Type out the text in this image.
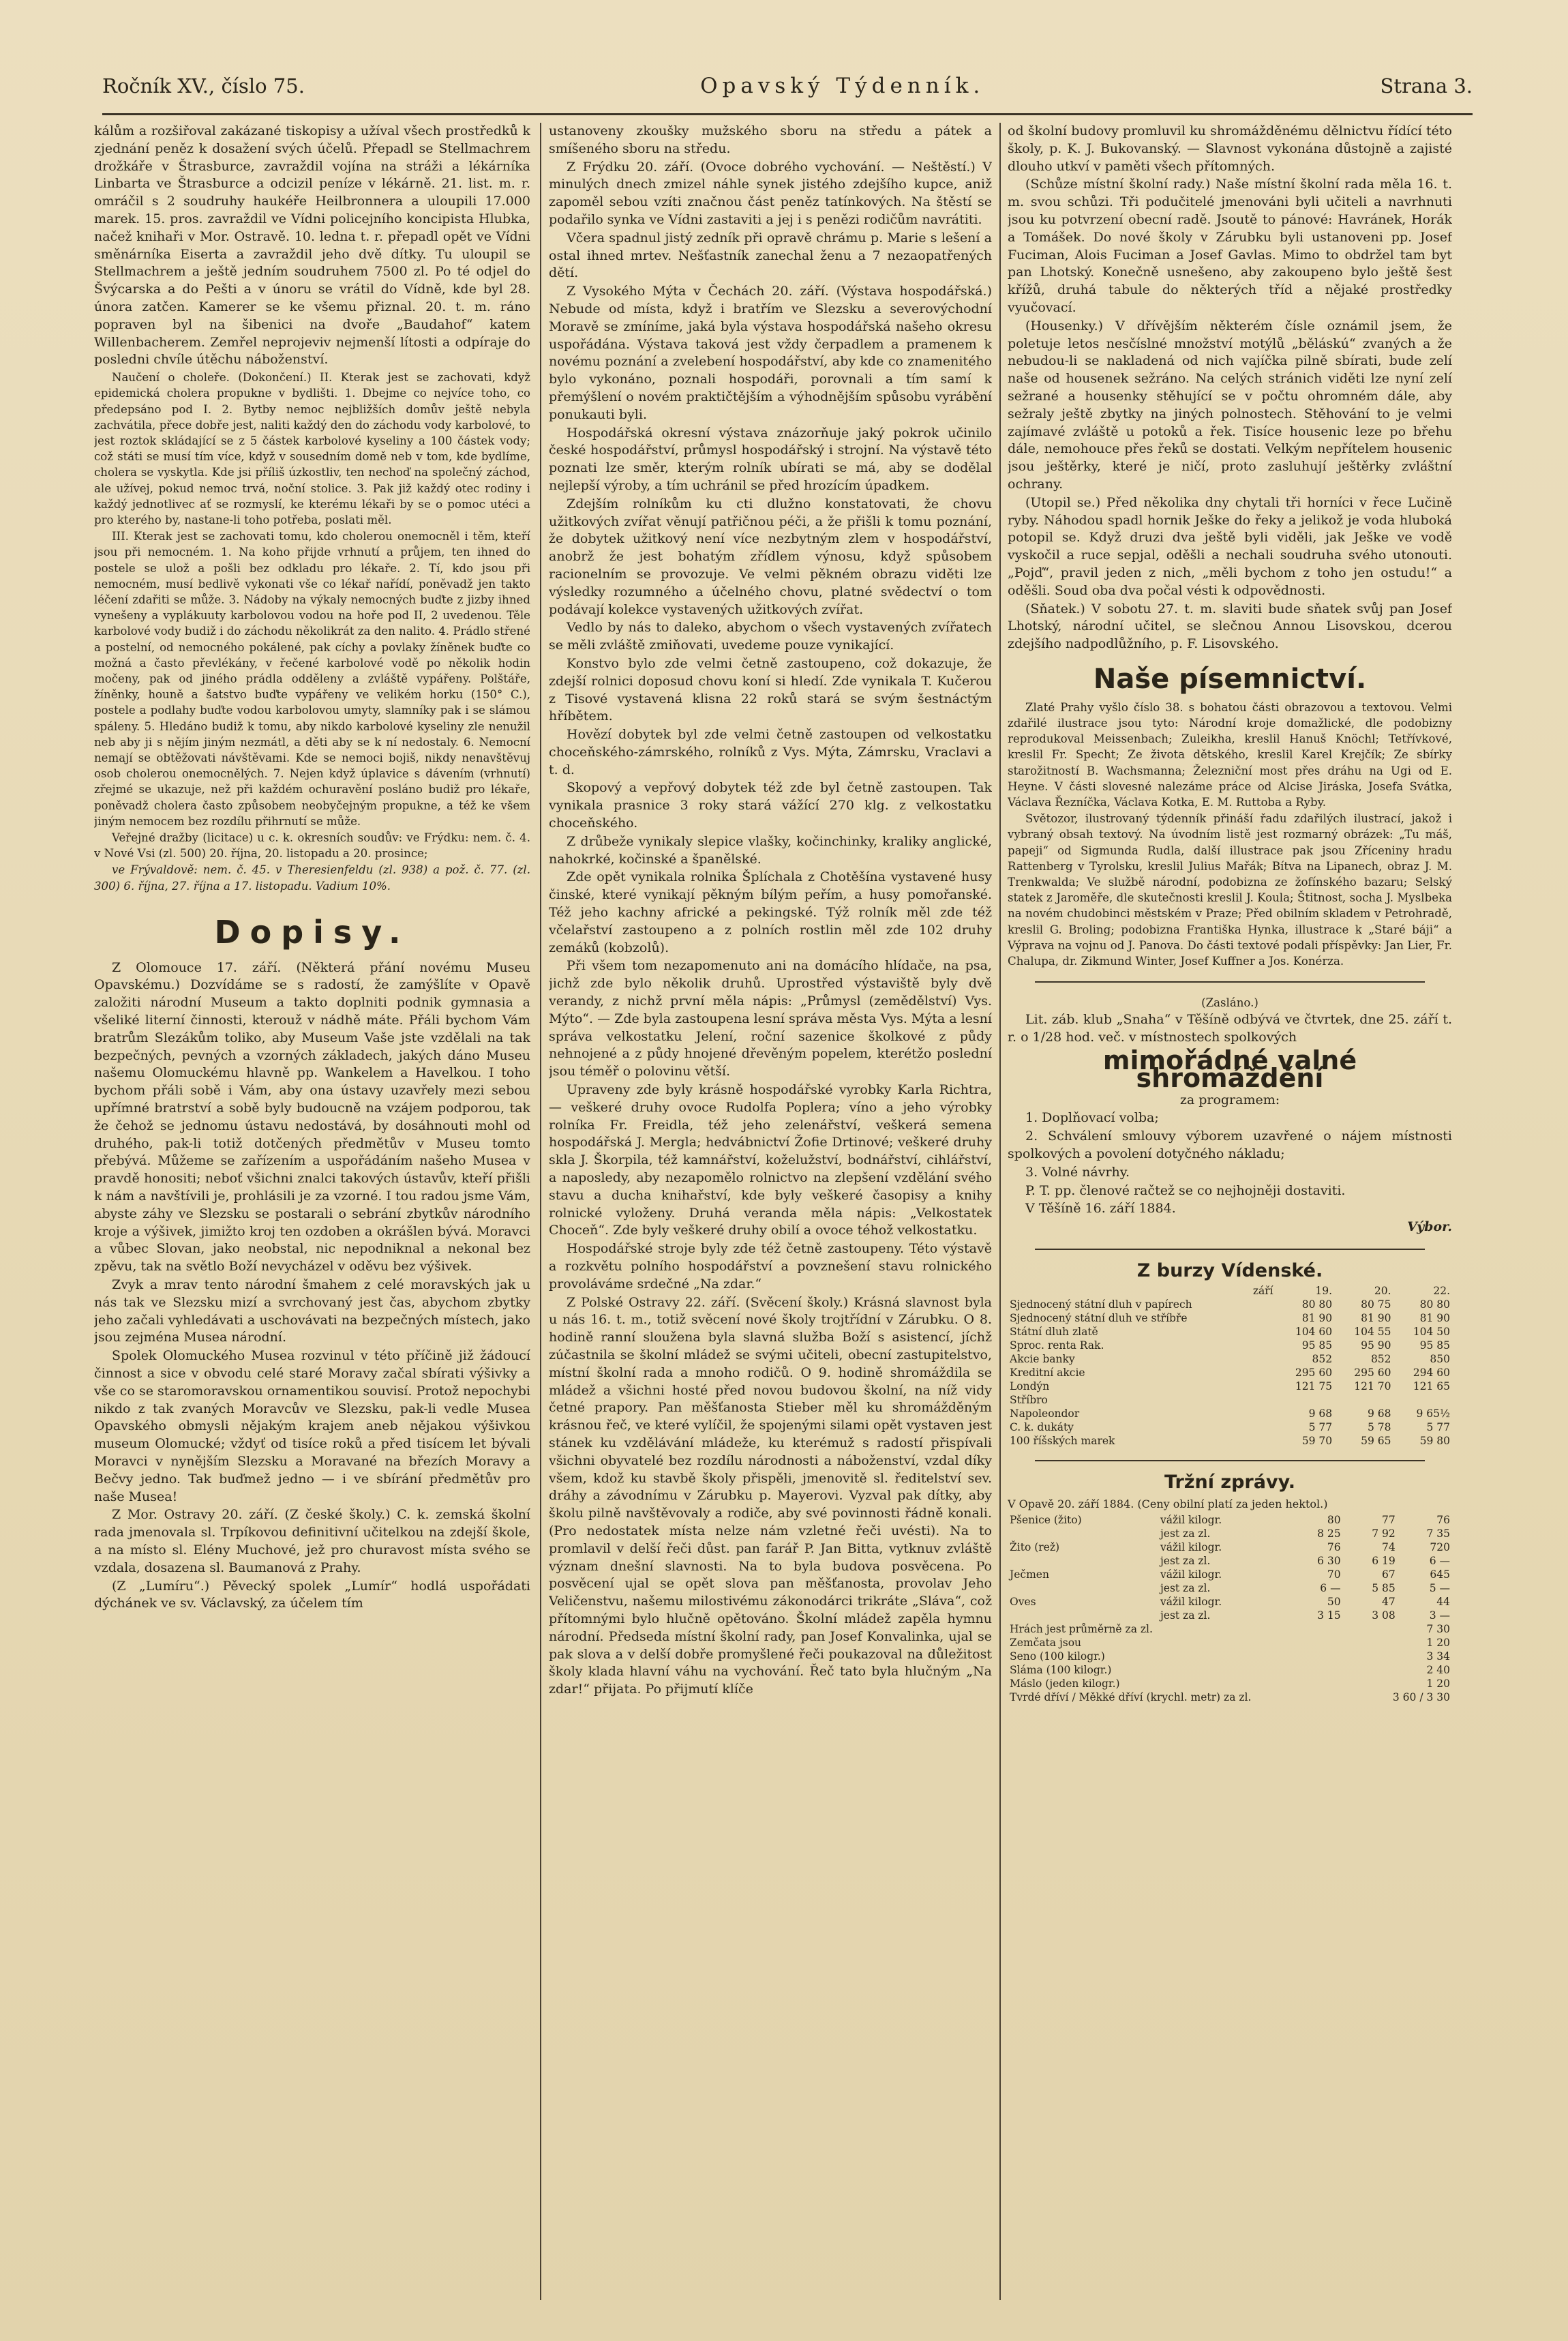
Ročník XV., číslo 75.	Opavský Týdenník.	Strana 3.

kálům a rozšiřoval zakázané tiskopisy a užíval všech prostředků k zjednání peněz k dosažení svých účelů. Přepadl se Stellmachrem drožkáře v Štrasburce, zavraždil vojína na stráži a lékárníka Linbarta ve Štrasburce a odcizil peníze v lékárně. 21. list. m. r. omráčil s 2 soudruhy haukéře Heilbronnera a uloupili 17.000 marek. 15. pros. zavraždil ve Vídni policejního koncipista Hlubka, načež knihaři v Mor. Ostravě. 10. ledna t. r. přepadl opět ve Vídni směnárníka Eiserta a zavraždil jeho dvě dítky. Tu uloupil se Stellmachrem a ještě jedním soudruhem 7500 zl. Po té odjel do Švýcarska a do Pešti a v únoru se vrátil do Vídně, kde byl 28. února zatčen. Kamerer se ke všemu přiznal. 20. t. m. ráno popraven byl na šibenici na dvoře „Baudahof“ katem Willenbacherem. Zemřel neprojeviv nejmenší lítosti a odpíraje do posledni chvíle útěchu náboženství.

Naučení o choleře. (Dokončení.) II. Kterak jest se zachovati, když epidemická cholera propukne v bydlišti. 1. Dbejme co nejvíce toho, co předepsáno pod I. 2. Bytby nemoc nejbližších domův ještě nebyla zachvátila, přece dobře jest, naliti každý den do záchodu vody karbolové, to jest roztok skládající se z 5 částek karbolové kyseliny a 100 částek vody; což státi se musí tím více, když v sousedním domě neb v tom, kde bydlíme, cholera se vyskytla. Kde jsi příliš úzkostliv, ten nechoď na společný záchod, ale užívej, pokud nemoc trvá, noční stolice. 3. Pak již každý otec rodiny i každý jednotlivec ať se rozmyslí, ke kterému lékaři by se o pomoc utéci a pro kterého by, nastane-li toho potřeba, poslati měl.

III. Kterak jest se zachovati tomu, kdo cholerou onemocněl i těm, kteří jsou při nemocném. 1. Na koho přijde vrhnutí a průjem, ten ihned do postele se ulož a pošli bez odkladu pro lékaře. 2. Tí, kdo jsou při nemocném, musí bedlivě vykonati vše co lékař nařídí, poněvadž jen takto léčení zdařiti se může. 3. Nádoby na výkaly nemocných buďte z jizby ihned vynešeny a vyplákuuty karbolovou vodou na hoře pod II, 2 uvedenou. Těle karbolové vody budiž i do záchodu několikrát za den nalito. 4. Prádlo střené a postelní, od nemocného pokálené, pak cíchy a povlaky žíněnek buďte co možná a často převlékány, v řečené karbolové vodě po několik hodin močeny, pak od jiného prádla odděleny a zvláště vypářeny. Polštáře, žíněnky, houně a šatstvo buďte vypářeny ve velikém horku (150° C.), postele a podlahy buďte vodou karbolovou umyty, slamníky pak i se slámou spáleny. 5. Hledáno budiž k tomu, aby nikdo karbolové kyseliny zle nenužil neb aby ji s nějím jiným nezmátl, a děti aby se k ní nedostaly. 6. Nemocní nemají se obtěžovati návštěvami. Kde se nemoci bojiš, nikdy nenavštěvuj osob cholerou onemocnělých. 7. Nejen když úplavice s dávením (vrhnutí) zřejmé se ukazuje, než při každém ochuravění posláno budiž pro lékaře, poněvadž cholera často způsobem neobyčejným propukne, a též ke všem jiným nemocem bez rozdílu přihrnutí se může.

Veřejné dražby (licitace) u c. k. okresních soudův: ve Frýdku: nem. č. 4. v Nové Vsi (zl. 500) 20. října, 20. listopadu a 20. prosince;

ve Frývaldově: nem. č. 45. v Theresienfeldu (zl. 938) a pož. č. 77. (zl. 300) 6. října, 27. října a 17. listopadu. Vadium 10%.

Dopisy.

Z Olomouce 17. září. (Některá přání novému Museu Opavskému.) Dozvídáme se s radostí, že zamýšlíte v Opavě založiti národní Museum a takto doplniti podnik gymnasia a všeliké literní činnosti, kterouž v nádhě máte. Přáli bychom Vám bratrům Slezákům tolikо, aby Museum Vaše jste vzdělali na tak bezpečných, pevných a vzorných základech, jakých dáno Museu našemu Olomuckému hlavně pp. Wankelem a Havelkou. I toho bychom přáli sobě i Vám, aby ona ústavy uzavřely mezi sebou upřímné bratrství a sobě byly budoucně na vzájem podporou, tak že čehož se jednomu ústavu nedostává, by dosáhnouti mohl od druhého, pak-li totiž dotčených předmětův v Museu tomto přebývá. Můžeme se zařízením a uspořádáním našeho Musea v pravdě honositi; neboť všichni znalci takových ústavův, kteří přišli k nám a navštívili je, prohlásili je za vzorné. I tou radou jsme Vám, abyste záhy ve Slezsku se postarali o sebrání zbytkův národního kroje a výšivek, jimižto kroj ten ozdoben a okrášlen bývá. Moravci a vůbec Slovan, jako neobstal, nic nepodniknal a nekonal bez zpěvu, tak na světlo Boží nevycházel v oděvu bez výšivek.

Zvyk a mrav tento národní šmahem z celé moravských jak u nás tak ve Slezsku mizí a svrchovaný jest čas, abychom zbytky jeho začali vyhledávati a uschovávati na bezpečných místech, jako jsou zejména Musea národní.

Spolek Olomuckého Musea rozvinul v této příčině již žádoucí činnost a sice v obvodu celé staré Moravy začal sbírati výšivky a vše co se staromoravskou ornamentikou souvisí. Protož nepochybi nikdo z tak zvaných Moravcův ve Slezsku, pak-li vedle Musea Opavského obmysli nějakým krajem aneb nějakou výšivkou museum Olomucké; vždyť od tisíce roků a před tisícem let bývali Moravci v nynějším Slezsku a Moravané na březích Moravy a Bečvy jedno. Tak buďmež jedno — i ve sbírání předmětův pro naše Musea!

Z Mor. Ostravy 20. září. (Z české školy.) C. k. zemská školní rada jmenovala sl. Trpíkovou definitivní učitelkou na zdejší škole, a na místo sl. Elény Muchové, jež pro churavost místa svého se vzdala, dosazena sl. Baumanová z Prahy.

(Z „Lumíru“.) Pěvecký spolek „Lumír“ hodlá uspořádati dýchánek ve sv. Václavský, za účelem tím

ustanoveny zkoušky mužského sboru na středu a pátek a smíšeného sboru na středu.

Z Frýdku 20. září. (Ovoce dobrého vychování. — Neštěstí.) V minulých dnech zmizel náhle synek jistého zdejšího kupce, aniž zapoměl sebou vzíti značnou část peněz tatínkových. Na štěstí se podařilo synka ve Vídni zastaviti a jej i s penězi rodičům navrátiti.

Včera spadnul jistý zedník při opravě chrámu p. Marie s lešení a ostal ihned mrtev. Nešťastník zanechal ženu a 7 nezaopatřených dětí.

Z Vysokého Mýta v Čechách 20. září. (Výstava hospodářská.) Nebude od místa, když i bratřím ve Slezsku a severovýchodní Moravě se zmíníme, jaká byla výstava hospodářská našeho okresu uspořádána. Výstava taková jest vždy čerpadlem a pramenem k novému poznání a zvelebení hospodářství, aby kde co znamenitého bylo vykonáno, poznali hospodáři, porovnali a tím samí k přemýšlení o novém praktičtějším a výhodnějším spůsobu vyrábění ponukauti byli.

Hospodářská okresní výstava znázorňuje jaký pokrok učinilo české hospodářství, průmysl hospodářský i strojní. Na výstavě této poznati lze směr, kterým rolník ubírati se má, aby se dodělal nejlepší výroby, a tím uchránil se před hrozícím úpadkem.

Zdejším rolníkům ku cti dlužno konstatovati, že chovu užitkových zvířat věnují patřičnou péči, a že přišli k tomu poznání, že dobytek užitkový není více nezbytným zlem v hospodářství, anobrž že jest bohatým zřídlem výnosu, když spůsobem racionelním se provozuje. Ve velmi pěkném obrazu viděti lze výsledky rozumného a účelného chovu, platné svědectví o tom podávají kolekce vystavených užitkových zvířat.

Vedlo by nás to daleko, abychom o všech vystavených zvířatech se měli zvláště zmiňovati, uvedeme pouze vynikající.

Konstvo bylo zde velmi četně zastoupeno, což dokazuje, že zdejší rolnici doposud chovu koní si hledí. Zde vynikala T. Kučerou z Tisové vystavená klisna 22 roků stará se svým šestnáctým hříbětem.

Hovězí dobytek byl zde velmi četně zastoupen od velkostatku choceňského-zámrského, rolníků z Vys. Mýta, Zámrsku, Vraclavi a t. d.

Skopový a vepřový dobytek též zde byl četně zastoupen. Tak vynikala prasnice 3 roky stará vážící 270 klg. z velkostatku choceňského.

Z drůbeže vynikaly slepice vlašky, kočinchinky, kraliky anglické, nahokrké, kočinské a španělské.

Zde opět vynikala rolnika Šplíchala z Chotěšína vystavené husy činské, které vynikají pěkným bílým peřím, a husy pomořanské. Též jeho kachny africké a pekingské. Týž rolník měl zde též včelařství zastoupeno a z polních rostlin měl zde 102 druhy zemáků (kobzolů).

Při všem tom nezapomenuto ani na domácího hlídače, na psa, jichž zde bylo několik druhů. Uprostřed výstaviště byly dvě verandy, z nichž první měla nápis: „Průmysl (zemědělství) Vys. Mýto“. — Zde byla zastoupena lesní správa města Vys. Mýta a lesní správa velkostatku Jelení, roční sazenice školkové z půdy nehnojené a z půdy hnojené dřevěným popelem, kterétžo poslední jsou téměř o polovinu větší.

Upraveny zde byly krásně hospodářské vyrobky Karla Richtra, — veškeré druhy ovoce Rudolfa Poplera; víno a jeho výrobky rolníka Fr. Freidla, též jeho zelenářství, veškerá semena hospodářská J. Mergla; hedvábnictví Žofie Drtinové; veškeré druhy skla J. Škorpila, též kamnářství, koželužství, bodnářství, cihlářství, a naposledy, aby nezapomělo rolnictvo na zlepšení vzdělání svého stavu a ducha knihařství, kde byly veškeré časopisy a knihy rolnické vyloženy. Druhá veranda měla nápis: „Velkostatek Choceň“. Zde byly veškeré druhy obilí a ovoce téhož velkostatku.

Hospodářské stroje byly zde též četně zastoupeny. Této výstavě a rozkvětu polního hospodářství a povznešení stavu rolnického provoláváme srdečné „Na zdar.“

Z Polské Ostravy 22. září. (Svěcení školy.) Krásná slavnost byla u nás 16. t. m., totiž svěcení nové školy trojtřídní v Zárubku. O 8. hodině ranní sloužena byla slavná služba Boží s asistencí, jíchž zúčastnila se školní mládež se svými učiteli, obecní zastupitelstvo, místní školní rada a mnoho rodičů. O 9. hodině shromáždila se mládež a všichni hosté před novou budovou školní, na níž vidy četné prapory. Pan měšťanosta Stieber měl ku shromážděným krásnou řeč, ve které vylíčil, že spojenými silami opět vystaven jest stánek ku vzdělávání mládeže, ku kterémuž s radostí přispívali všichni obyvatelé bez rozdílu národnosti a náboženství, vzdal díky všem, kdož ku stavbě školy přispěli, jmenovitě sl. ředitelství sev. dráhy a závodnímu v Zárubku p. Mayerovi. Vyzval pak dítky, aby školu pilně navštěvovaly a rodiče, aby své povinnosti řádně konali. (Pro nedostatek místa nelze nám vzletné řeči uvésti). Na to promlavil v delší řeči důst. pan farář P. Jan Bitta, vytknuv zvláště význam dnešní slavnosti. Na to byla budova posvěcena. Po posvěcení ujal se opět slova pan měšťanosta, provolav Jeho Veličenstvu, našemu milostivému zákonodárci trikráte „Sláva“, což přítomnými bylo hlučně opětováno. Školní mládež zapěla hymnu národní. Předseda místní školní rady, pan Josef Konvalinka, ujal se pak slova a v delší dobře promyšlené řeči poukazoval na důležitost školy klada hlavní váhu na vychování. Řeč tato byla hlučným „Na zdar!“ přijata. Po přijmutí klíče

od školní budovy promluvil ku shromážděnému dělnictvu řídící této školy, p. K. J. Bukovanský. — Slavnost vykonána důstojně a zajisté dlouho utkví v paměti všech přítomných.

(Schůze místní školní rady.) Naše místní školní rada měla 16. t. m. svou schůzi. Tři podučitelé jmenováni byli učiteli a navrhnuti jsou ku potvrzení obecní radě. Jsoutě to pánové: Havránek, Horák a Tomášek. Do nové školy v Zárubku byli ustanoveni pp. Josef Fuciman, Alois Fuciman a Josef Gavlas. Mimo to obdržel tam byt pan Lhotský. Konečně usnešeno, aby zakoupeno bylo ještě šest křížů, druhá tabule do některých tříd a nějaké prostředky vyučovací.

(Housenky.) V dřívějším některém čísle oznámil jsem, že poletuje letos nesčíslné množství motýlů „běláskú“ zvaných a že nebudou-li se nakladená od nich vajíčka pilně sbírati, bude zelí naše od housenek sežráno. Na celých stránich viděti lze nyní zelí sežrané a housenky stěhující se v počtu ohromném dále, aby sežraly ještě zbytky na jiných polnostech. Stěhování to je velmi zajímavé zvláště u potoků a řek. Tisíce housenic leze po břehu dále, nemohouce přes řeků se dostati. Velkým nepřítelem housenic jsou ještěrky, které je ničí, proto zasluhují ještěrky zvláštní ochrany.

(Utopil se.) Před několika dny chytali tři horníci v řece Lučině ryby. Náhodou spadl hornik Ješke do řeky a jelikož je voda hluboká potopil se. Když druzi dva ještě byli viděli, jak Ješke ve vodě vyskočil a ruce sepjal, oděšli a nechali soudruha svého utonouti. „Pojď“, pravil jeden z nich, „měli bychom z toho jen ostudu!“ a oděšli. Soud oba dva počal vésti k odpovědnosti.

(Sňatek.) V sobotu 27. t. m. slaviti bude sňatek svůj pan Josef Lhotský, národní učitel, se slečnou Annou Lisovskou, dcerou zdejšího nadpodlůžního, p. F. Lisovského.

Naše písemnictví.

Zlaté Prahy vyšlo číslo 38. s bohatou části obrazovou a textovou. Velmi zdařilé ilustrace jsou tyto: Národní kroje domažlické, dle podobizny reprodukoval Meissenbach; Zuleikha, kreslil Hanuš Knöchl; Tetřívkové, kreslil Fr. Specht; Ze života dětského, kreslil Karel Krejčík; Ze sbírky starožitností B. Wachsmanna; Železniční most přes dráhu na Ugi od E. Heyne. V části slovesné nalezáme práce od Alcise Jiráska, Josefa Svátka, Václava Řezníčka, Václava Kotka, E. M. Ruttoba a Ryby.

Světozor, ilustrovaný týdenník přináší řadu zdařilých ilustrací, jakož i vybraný obsah textový. Na úvodním listě jest rozmarný obrázek: „Tu máš, papeji“ od Sigmunda Rudla, další illustrace pak jsou Zříceniny hradu Rattenberg v Tyrolsku, kreslil Julius Mařák; Bítva na Lipanech, obraz J. M. Trenkwalda; Ve službě národní, podobizna ze žofínského bazaru; Selský statek z Jaroměře, dle skutečnosti kreslil J. Koula; Štitnost, socha J. Myslbeka na novém chudobinci městském v Praze; Před obilním skladem v Petrohradě, kreslil G. Broling; podobizna Františka Hynka, illustrace k „Staré báji“ a Výprava na vojnu od J. Panova. Do části textové podali příspěvky: Jan Lier, Fr. Chalupa, dr. Zikmund Winter, Josef Kuffner a Jos. Konérza.

(Zasláno.)

Lit. záb. klub „Snaha“ v Těšíně odbývá ve čtvrtek, dne 25. září t. r. o 1/28 hod. več. v místnostech spolkových

mimořádné valné shromáždění

za programem:

1. Doplňovací volba;

2. Schválení smlouvy výborem uzavřené o nájem místnosti spolkových a povolení dotyčného nákladu;

3. Volné návrhy.

P. T. pp. členové račtež se co nejhojněji dostaviti.

V Těšíně 16. září 1884.

Výbor.

Z burzy Vídenské.
září	19.	20.	22.
Sjednocený státní dluh v papírech	80 80	80 75	80 80
Sjednocený státní dluh ve stříbře	81 90	81 90	81 90
Státní dluh zlatě	104 60	104 55	104 50
Sproc. renta Rak.	95 85	95 90	95 85
Akcie banky	852	852	850
Kreditní akcie	295 60	295 60	294 60
Londýn	121 75	121 70	121 65
Stříbro			
Napoleondor	9 68	9 68	9 65½
C. k. dukáty	5 77	5 78	5 77
100 říšských marek	59 70	59 65	59 80
Tržní zprávy.

V Opavě 20. září 1884. (Ceny obilní platí za jeden hektol.)

Pšenice (žito)	vážil kilogr.	80	77	76
	jest za zl.	8 25	7 92	7 35
Žito (rež)	vážil kilogr.	76	74	720
	jest za zl.	6 30	6 19	6 —
Ječmen	vážil kilogr.	70	67	645
	jest za zl.	6 —	5 85	5 —
Oves	vážil kilogr.	50	47	44
	jest za zl.	3 15	3 08	3 —
Hrách jest průměrně za zl.	7 30
Zemčata jsou	1 20
Seno (100 kilogr.)	3 34
Sláma (100 kilogr.)	2 40
Máslo (jeden kilogr.)	1 20
Tvrdé dříví / Měkké dříví (krychl. metr) za zl.	3 60 / 3 30
